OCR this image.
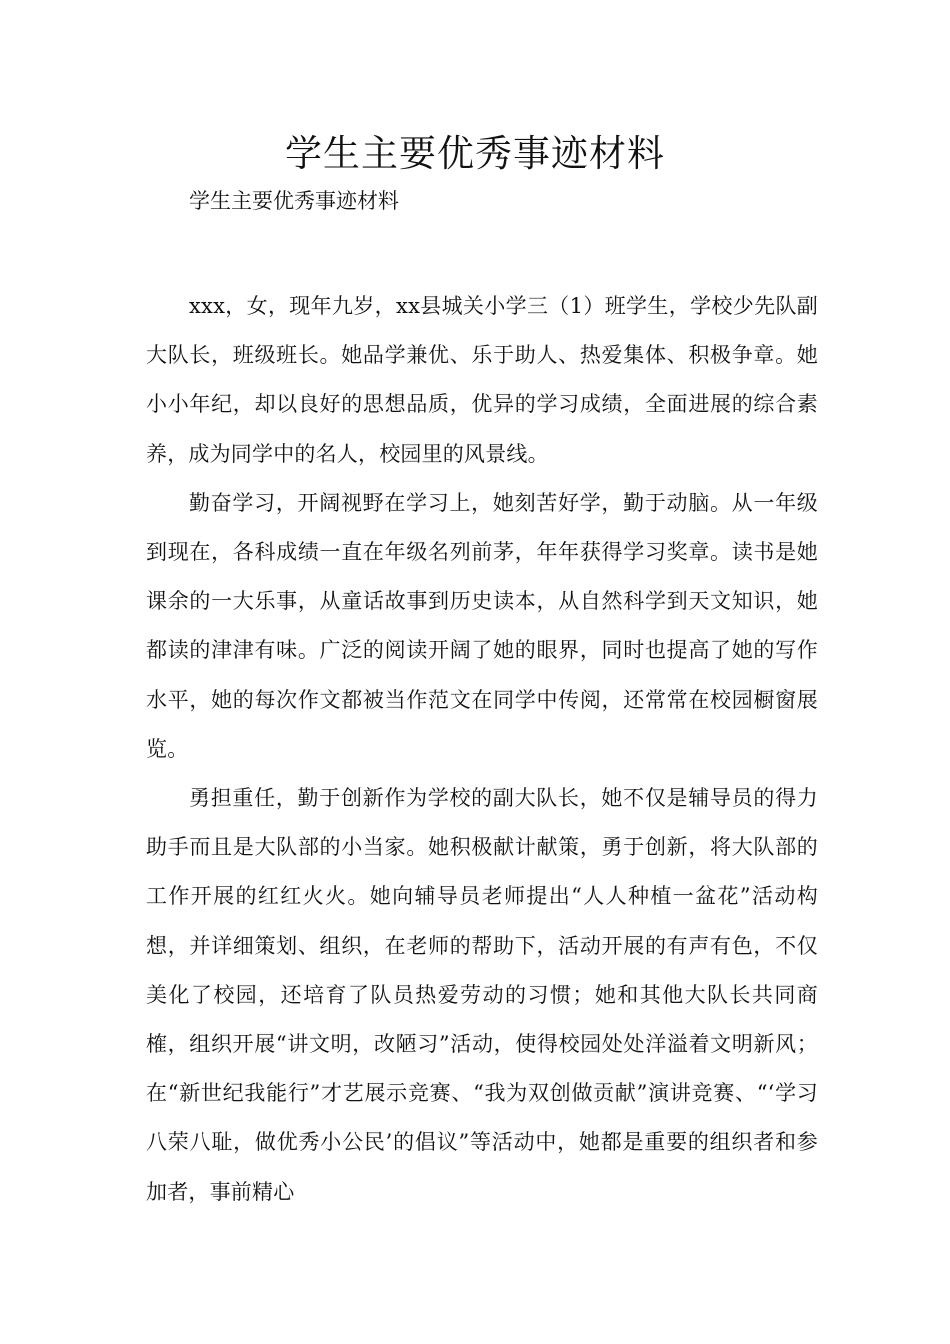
学生主要优秀事迹材料

学生主要优秀事迹材料

xxx，女，现年九岁，xx县城关小学三（1）班学生，学校少先队副大队长，班级班长。她品学兼优、乐于助人、热爱集体、积极争章。她小小年纪，却以良好的思想品质，优异的学习成绩，全面进展的综合素养，成为同学中的名人，校园里的风景线。

勤奋学习，开阔视野在学习上，她刻苦好学，勤于动脑。从一年级到现在，各科成绩一直在年级名列前茅，年年获得学习奖章。读书是她课余的一大乐事，从童话故事到历史读本，从自然科学到天文知识，她都读的津津有味。广泛的阅读开阔了她的眼界，同时也提高了她的写作水平，她的每次作文都被当作范文在同学中传阅，还常常在校园橱窗展览。

勇担重任，勤于创新作为学校的副大队长，她不仅是辅导员的得力助手而且是大队部的小当家。她积极献计献策，勇于创新，将大队部的工作开展的红红火火。她向辅导员老师提出“人人种植一盆花”活动构想，并详细策划、组织，在老师的帮助下，活动开展的有声有色，不仅美化了校园，还培育了队员热爱劳动的习惯；她和其他大队长共同商榷，组织开展“讲文明，改陋习”活动，使得校园处处洋溢着文明新风；在“新世纪我能行”才艺展示竞赛、“我为双创做贡献”演讲竞赛、“‘学习八荣八耻，做优秀小公民’的倡议”等活动中，她都是重要的组织者和参加者，事前精心
